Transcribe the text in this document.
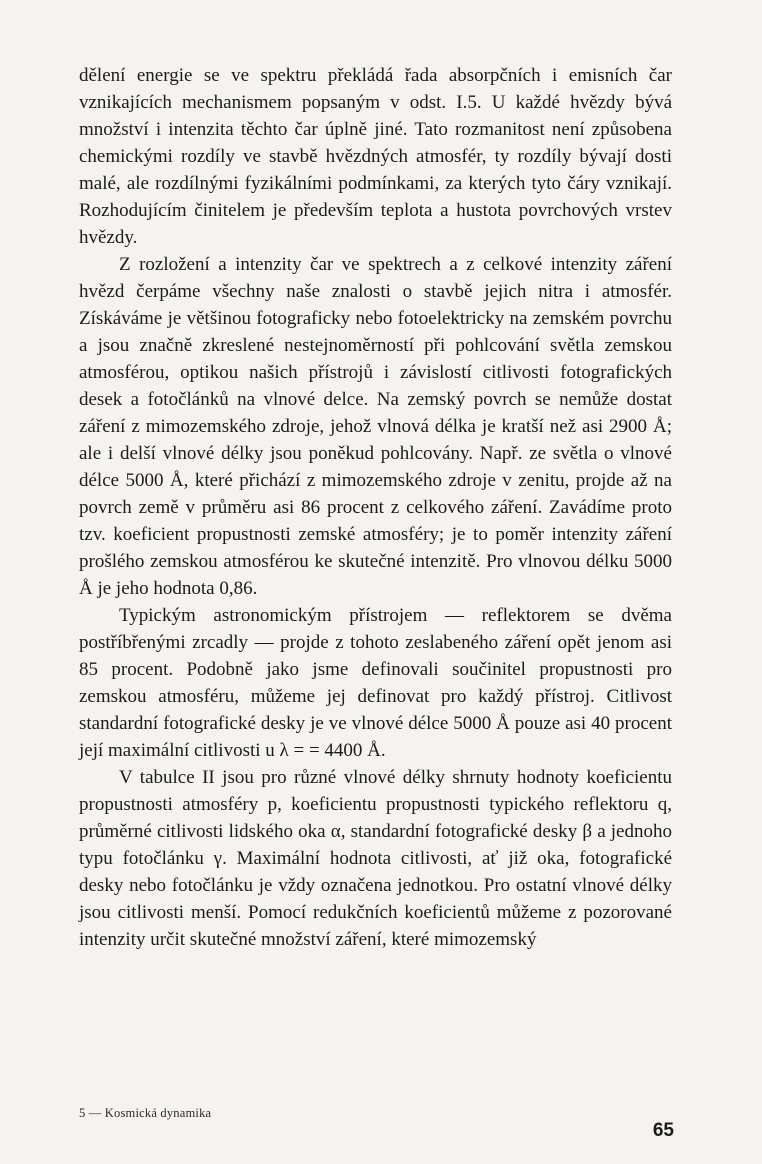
dělení energie se ve spektru překládá řada absorpčních i emisních čar vznikajících mechanismem popsaným v odst. I.5. U každé hvězdy bývá množství i intenzita těchto čar úplně jiné. Tato rozmanitost není způsobena chemickými rozdíly ve stavbě hvězdných atmosfér, ty rozdíly bývají dosti malé, ale rozdílnými fyzikálními podmínkami, za kterých tyto čáry vznikají. Rozhodujícím činitelem je především teplota a hustota povrchových vrstev hvězdy.

Z rozložení a intenzity čar ve spektrech a z celkové intenzity záření hvězd čerpáme všechny naše znalosti o stavbě jejich nitra i atmosfér. Získáváme je většinou fotograficky nebo fotoelektricky na zemském povrchu a jsou značně zkreslené nestejnoměrností při pohlcování světla zemskou atmosférou, optikou našich přístrojů i závislostí citlivosti fotografických desek a fotočlánků na vlnové delce. Na zemský povrch se nemůže dostat záření z mimozemského zdroje, jehož vlnová délka je kratší než asi 2900 Å; ale i delší vlnové délky jsou poněkud pohlcovány. Např. ze světla o vlnové délce 5000 Å, které přichází z mimozemského zdroje v zenitu, projde až na povrch země v průměru asi 86 procent z celkového záření. Zavádíme proto tzv. koeficient propustnosti zemské atmosféry; je to poměr intenzity záření prošlého zemskou atmosférou ke skutečné intenzitě. Pro vlnovou délku 5000 Å je jeho hodnota 0,86.

Typickým astronomickým přístrojem — reflektorem se dvěma postříbřenými zrcadly — projde z tohoto zeslabeného záření opět jenom asi 85 procent. Podobně jako jsme definovali součinitel propustnosti pro zemskou atmosféru, můžeme jej definovat pro každý přístroj. Citlivost standardní fotografické desky je ve vlnové délce 5000 Å pouze asi 40 procent její maximální citlivosti u λ = = 4400 Å.

V tabulce II jsou pro různé vlnové délky shrnuty hodnoty koeficientu propustnosti atmosféry p, koeficientu propustnosti typického reflektoru q, průměrné citlivosti lidského oka α, standardní fotografické desky β a jednoho typu fotočlánku γ. Maximální hodnota citlivosti, ať již oka, fotografické desky nebo fotočlánku je vždy označena jednotkou. Pro ostatní vlnové délky jsou citlivosti menší. Pomocí redukčních koeficientů můžeme z pozorované intenzity určit skutečné množství záření, které mimozemský

5 — Kosmická dynamika
65
